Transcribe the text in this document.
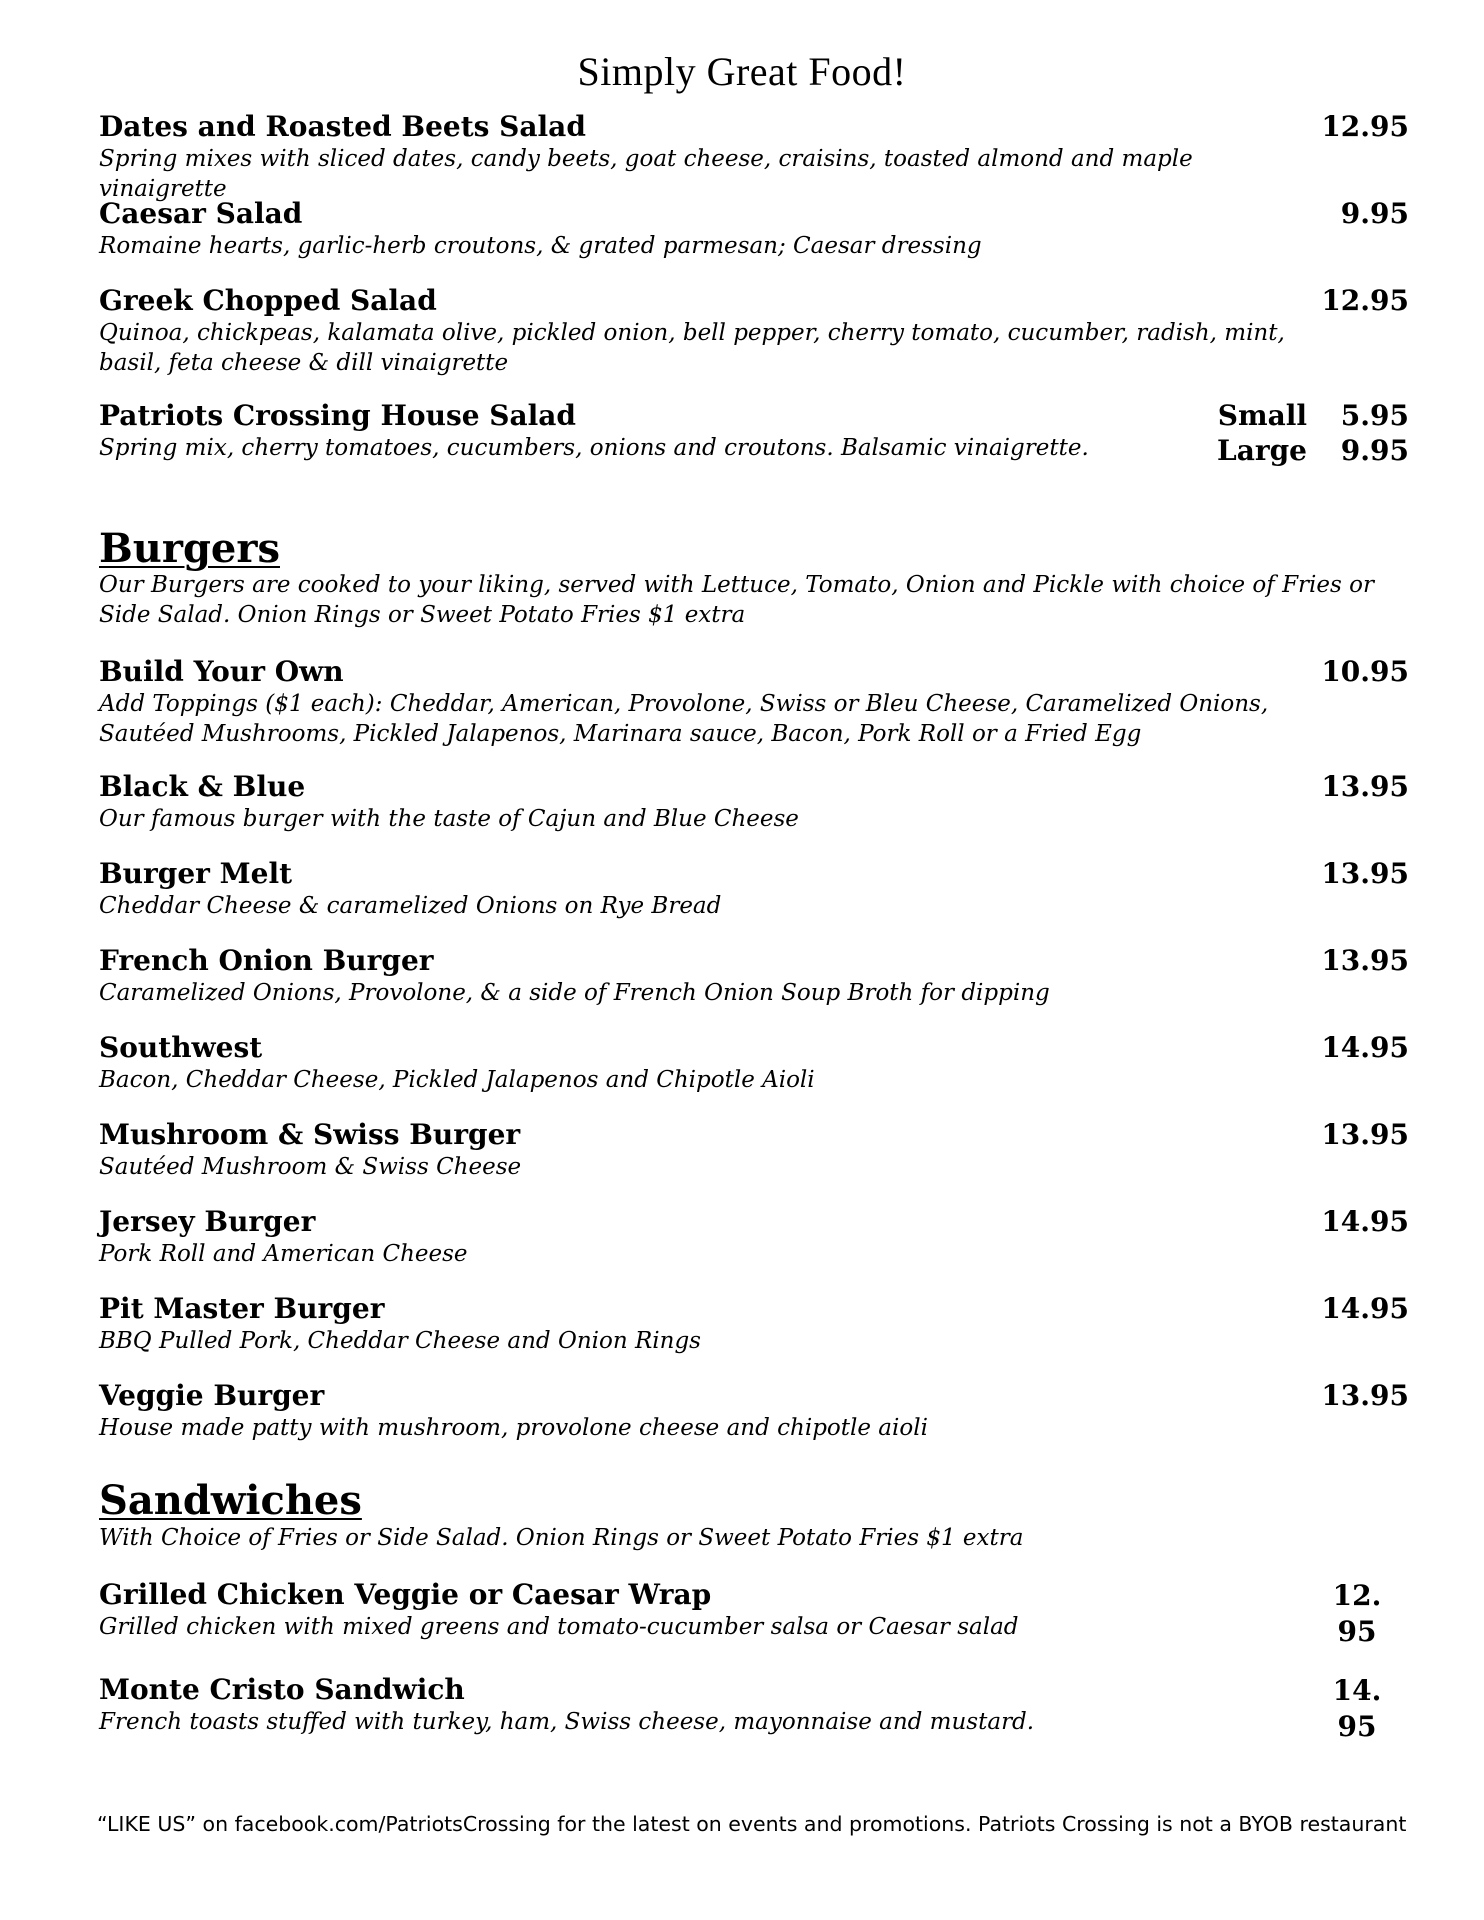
Simply Great Food!
Dates and Roasted Beets Salad
Spring mixes with sliced dates, candy beets, goat cheese, craisins, toasted almond and maple vinaigrette
12.95
Caesar Salad
Romaine hearts, garlic-herb croutons, & grated parmesan; Caesar dressing
9.95
Greek Chopped Salad
Quinoa, chickpeas, kalamata olive, pickled onion, bell pepper, cherry tomato, cucumber, radish, mint, basil, feta cheese & dill vinaigrette
12.95
Patriots Crossing House Salad
Spring mix, cherry tomatoes, cucumbers, onions and croutons. Balsamic vinaigrette.
Small 5.95
Large 9.95
Burgers
Our Burgers are cooked to your liking, served with Lettuce, Tomato, Onion and Pickle with choice of Fries or Side Salad. Onion Rings or Sweet Potato Fries $1 extra
Build Your Own
Add Toppings ($1 each): Cheddar, American, Provolone, Swiss or Bleu Cheese, Caramelized Onions, Sautéed Mushrooms, Pickled Jalapenos, Marinara sauce, Bacon, Pork Roll or a Fried Egg
10.95
Black & Blue
Our famous burger with the taste of Cajun and Blue Cheese
13.95
Burger Melt
Cheddar Cheese & caramelized Onions on Rye Bread
13.95
French Onion Burger
Caramelized Onions, Provolone, & a side of French Onion Soup Broth for dipping
13.95
Southwest
Bacon, Cheddar Cheese, Pickled Jalapenos and Chipotle Aioli
14.95
Mushroom & Swiss Burger
Sautéed Mushroom & Swiss Cheese
13.95
Jersey Burger
Pork Roll and American Cheese
14.95
Pit Master Burger
BBQ Pulled Pork, Cheddar Cheese and Onion Rings
14.95
Veggie Burger
House made patty with mushroom, provolone cheese and chipotle aioli
13.95
Sandwiches
With Choice of Fries or Side Salad. Onion Rings or Sweet Potato Fries $1 extra
Grilled Chicken Veggie or Caesar Wrap
Grilled chicken with mixed greens and tomato-cucumber salsa or Caesar salad
12.
95
Monte Cristo Sandwich
French toasts stuffed with turkey, ham, Swiss cheese, mayonnaise and mustard.
14.
95
“LIKE US” on facebook.com/PatriotsCrossing for the latest on events and promotions. Patriots Crossing is not a BYOB restaurant
